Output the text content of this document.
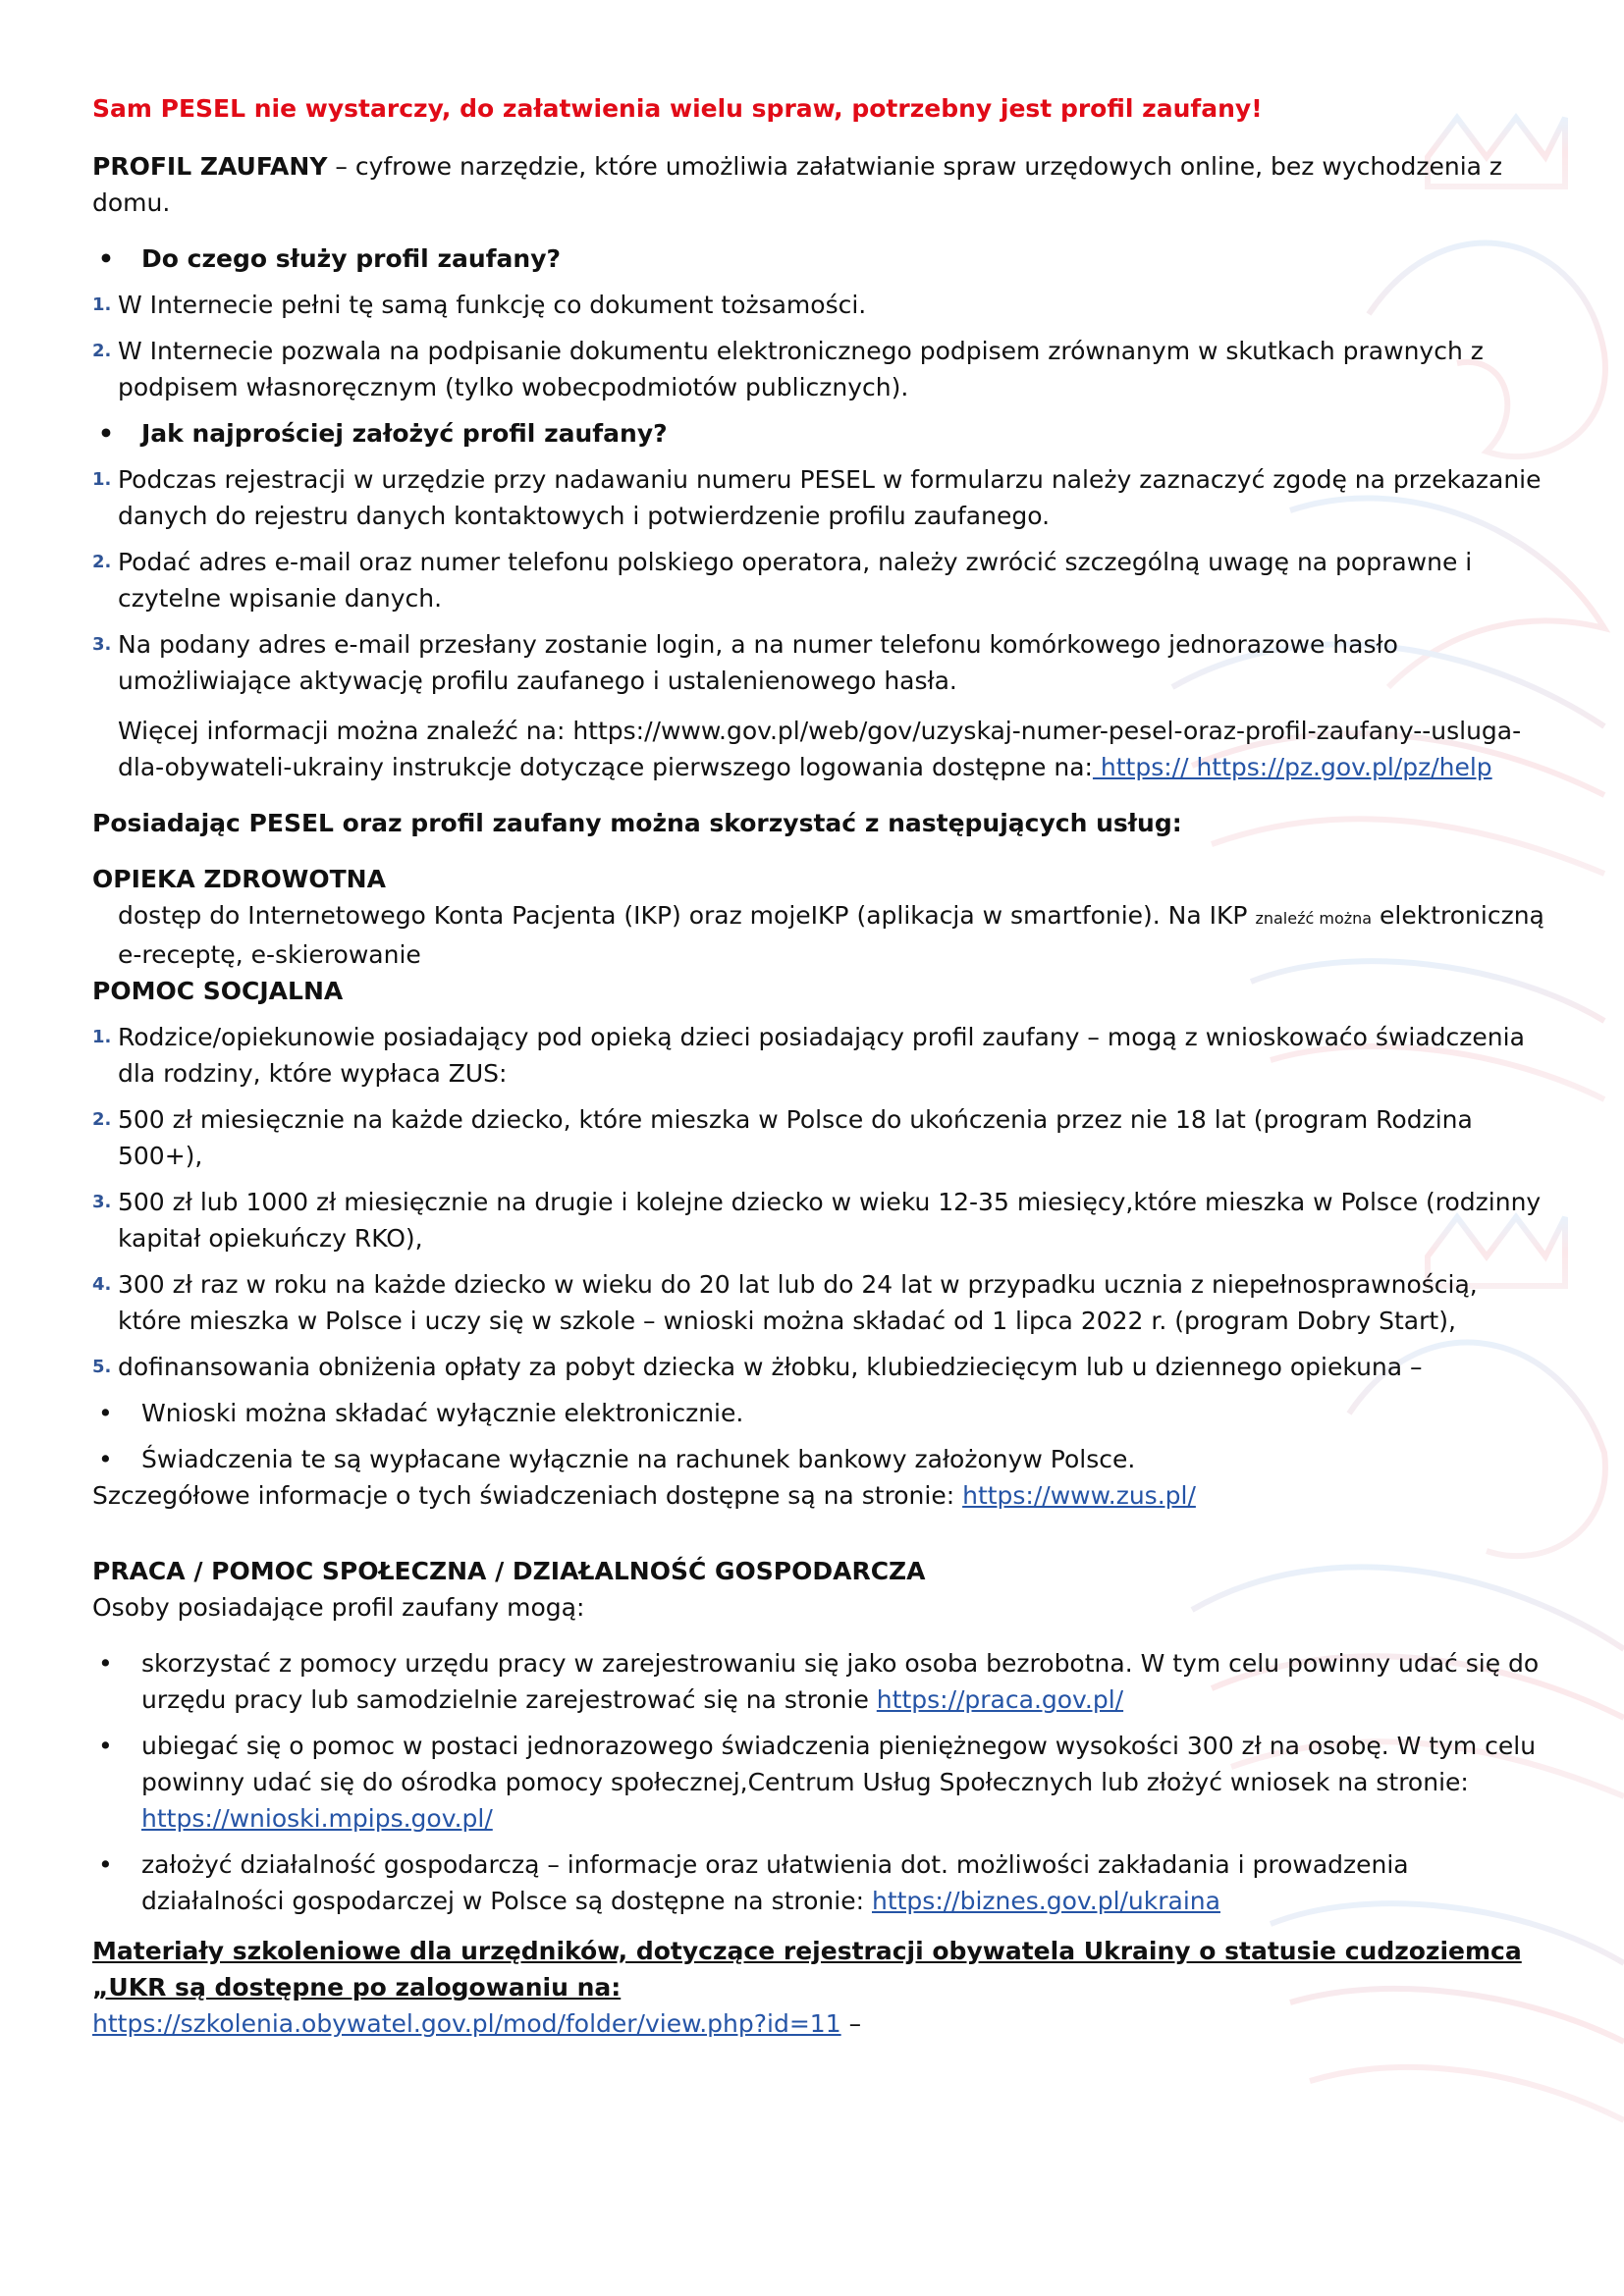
Sam PESEL nie wystarczy, do załatwienia wielu spraw, potrzebny jest profil zaufany!

PROFIL ZAUFANY – cyfrowe narzędzie, które umożliwia załatwianie spraw urzędowych online, bez wychodzenia z domu.

• Do czego służy profil zaufany?
1. W Internecie pełni tę samą funkcję co dokument tożsamości.
2. W Internecie pozwala na podpisanie dokumentu elektronicznego podpisem zrównanym w skutkach prawnych z podpisem własnoręcznym (tylko wobecpodmiotów publicznych).
• Jak najprościej założyć profil zaufany?
1. Podczas rejestracji w urzędzie przy nadawaniu numeru PESEL w formularzu należy zaznaczyć zgodę na przekazanie danych do rejestru danych kontaktowych i potwierdzenie profilu zaufanego.
2. Podać adres e-mail oraz numer telefonu polskiego operatora, należy zwrócić szczególną uwagę na poprawne i czytelne wpisanie danych.
3. Na podany adres e-mail przesłany zostanie login, a na numer telefonu komórkowego jednorazowe hasło umożliwiające aktywację profilu zaufanego i ustalenienowego hasła.

Więcej informacji można znaleźć na: https://www.gov.pl/web/gov/uzyskaj-numer-pesel-oraz-profil-zaufany--usluga-dla-obywateli-ukrainy instrukcje dotyczące pierwszego logowania dostępne na: https:// https://pz.gov.pl/pz/help

Posiadając PESEL oraz profil zaufany można skorzystać z następujących usług:

OPIEKA ZDROWOTNA

dostęp do Internetowego Konta Pacjenta (IKP) oraz mojeIKP (aplikacja w smartfonie). Na IKP znaleźć można elektroniczną e-receptę, e-skierowanie

POMOC SOCJALNA

1. Rodzice/opiekunowie posiadający pod opieką dzieci posiadający profil zaufany – mogą z wnioskowaćo świadczenia dla rodziny, które wypłaca ZUS:
2. 500 zł miesięcznie na każde dziecko, które mieszka w Polsce do ukończenia przez nie 18 lat (program Rodzina 500+),
3. 500 zł lub 1000 zł miesięcznie na drugie i kolejne dziecko w wieku 12-35 miesięcy,które mieszka w Polsce (rodzinny kapitał opiekuńczy RKO),
4. 300 zł raz w roku na każde dziecko w wieku do 20 lat lub do 24 lat w przypadku ucznia z niepełnosprawnością, które mieszka w Polsce i uczy się w szkole – wnioski można składać od 1 lipca 2022 r. (program Dobry Start),
5. dofinansowania obniżenia opłaty za pobyt dziecka w żłobku, klubiedziecięcym lub u dziennego opiekuna –
• Wnioski można składać wyłącznie elektronicznie.
• Świadczenia te są wypłacane wyłącznie na rachunek bankowy założonyw Polsce.

Szczegółowe informacje o tych świadczeniach dostępne są na stronie: https://www.zus.pl/

PRACA / POMOC SPOŁECZNA / DZIAŁALNOŚĆ GOSPODARCZA

Osoby posiadające profil zaufany mogą:

• skorzystać z pomocy urzędu pracy w zarejestrowaniu się jako osoba bezrobotna. W tym celu powinny udać się do urzędu pracy lub samodzielnie zarejestrować się na stronie https://praca.gov.pl/
• ubiegać się o pomoc w postaci jednorazowego świadczenia pieniężnegow wysokości 300 zł na osobę. W tym celu powinny udać się do ośrodka pomocy społecznej,Centrum Usług Społecznych lub złożyć wniosek na stronie: https://wnioski.mpips.gov.pl/
• założyć działalność gospodarczą – informacje oraz ułatwienia dot. możliwości zakładania i prowadzenia działalności gospodarczej w Polsce są dostępne na stronie: https://biznes.gov.pl/ukraina

Materiały szkoleniowe dla urzędników, dotyczące rejestracji obywatela Ukrainy o statusie cudzoziemca „UKR są dostępne po zalogowaniu na:

https://szkolenia.obywatel.gov.pl/mod/folder/view.php?id=11 –
